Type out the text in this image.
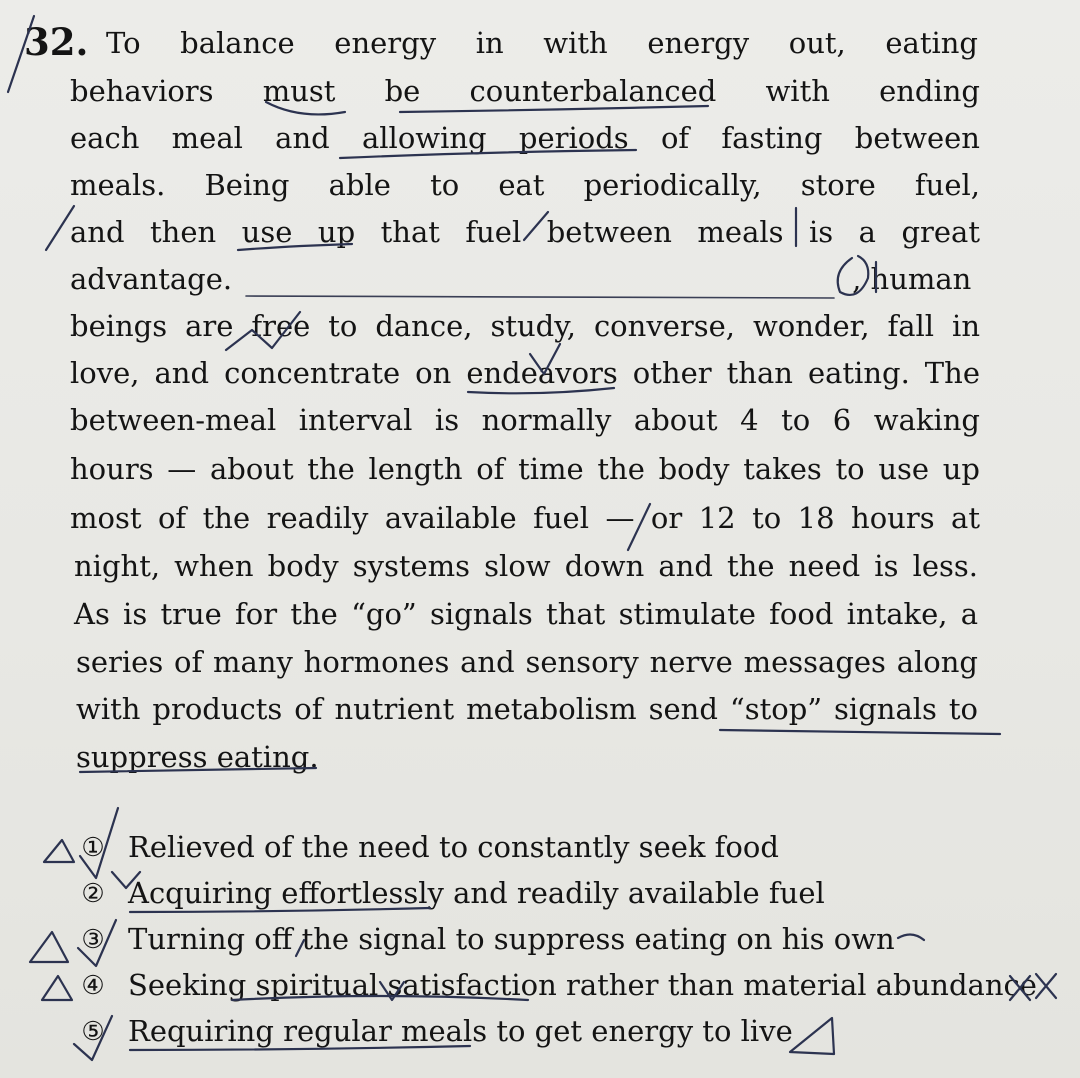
32. To balance energy in with energy out, eating
behaviors must be counterbalanced with ending
each meal and allowing periods of fasting between
meals. Being able to eat periodically, store fuel,
and then use up that fuel between meals is a great
advantage.	, human
beings are free to dance, study, converse, wonder, fall in
love, and concentrate on endeavors other than eating. The
between-meal interval is normally about 4 to 6 waking
hours — about the length of time the body takes to use up
most of the readily available fuel — or 12 to 18 hours at
night, when body systems slow down and the need is less.
As is true for the “go” signals that stimulate food intake, a
series of many hormones and sensory nerve messages along
with products of nutrient metabolism send “stop” signals to
suppress eating.
① Relieved of the need to constantly seek food
② Acquiring effortlessly and readily available fuel
③ Turning off the signal to suppress eating on his own
④ Seeking spiritual satisfaction rather than material abundance
⑤ Requiring regular meals to get energy to live
